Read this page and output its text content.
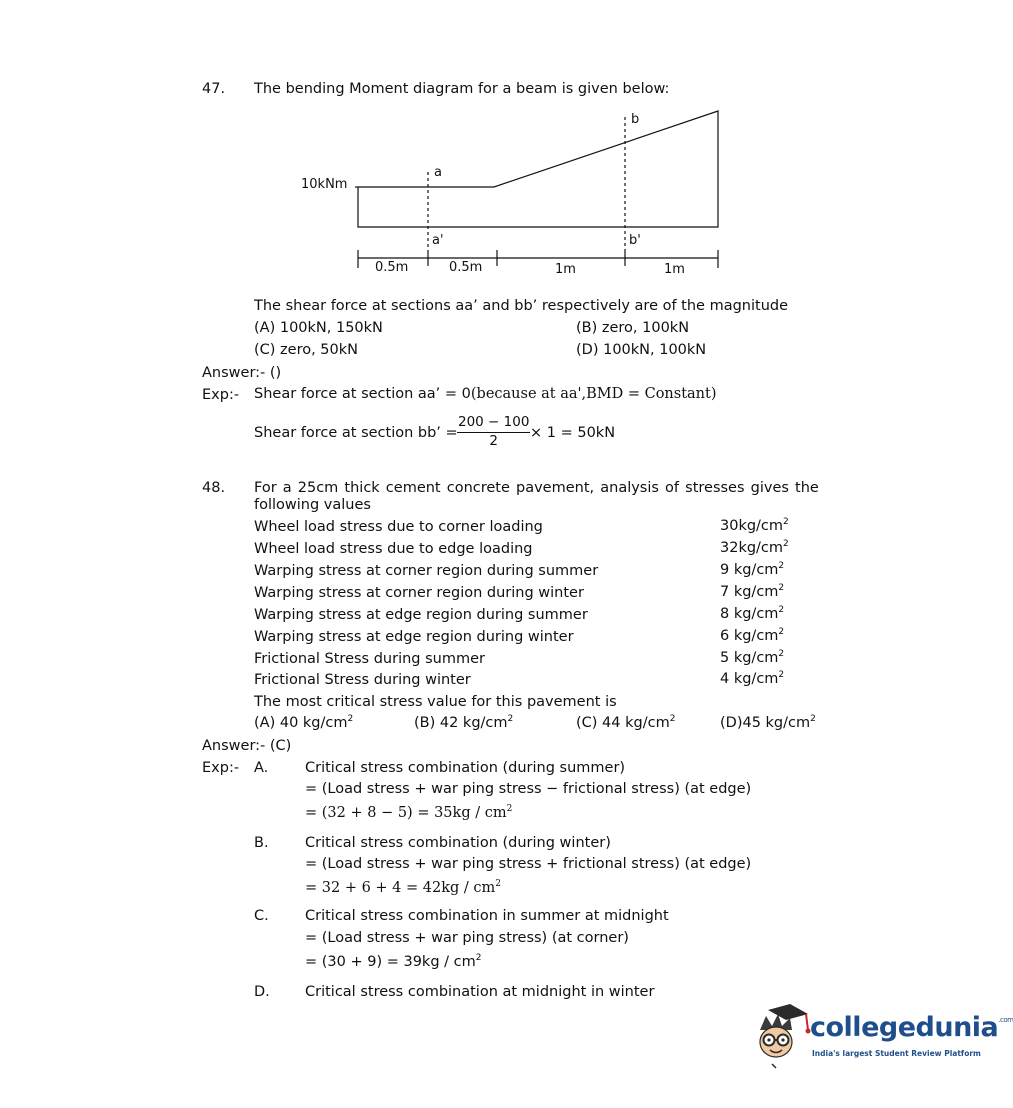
47. The bending Moment diagram for a beam is given below:
10kNm
a
a'
b
b'
0.5m	0.5m	1m	1m
The shear force at sections aa’ and bb’ respectively are of the magnitude
(A) 100kN, 150kN	(B) zero, 100kN
(C) zero, 50kN	(D) 100kN, 100kN
Answer:- ()
Exp:- Shear force at section aa’ = 0(because at aa',BMD = Constant)
Shear force at section bb’ = $\frac{200 - 100}{2} \times 1 = 50kN$
48. For a 25cm thick cement concrete pavement, analysis of stresses gives the
following values
Wheel load stress due to corner loading	$30kg/cm^2$
Wheel load stress due to edge loading	$32kg/cm^2$
Warping stress at corner region during summer	9 $kg/cm^2$
Warping stress at corner region during winter	7 $kg/cm^2$
Warping stress at edge region during summer	8 $kg/cm^2$
Warping stress at edge region during winter	6 $kg/cm^2$
Frictional Stress during summer	5 $kg/cm^2$
Frictional Stress during winter	4 $kg/cm^2$
The most critical stress value for this pavement is
(A) 40 $kg/cm^2$	(B) 42 $kg/cm^2$	(C) 44 $kg/cm^2$	(D)45 $kg/cm^2$
Answer:- (C)
Exp:- A.	Critical stress combination (during summer)
= (Load stress + war ping stress − frictional stress) (at edge)
= $(32 + 8 - 5) = 35kg / cm^2$
B.	Critical stress combination (during winter)
= (Load stress + war ping stress + frictional stress) (at edge)
= $32 + 6 + 4 = 42kg / cm^2$
C.	Critical stress combination in summer at midnight
= (Load stress + war ping stress) (at corner)
= $(30 + 9) = 39kg / cm^2$
D. Critical stress combination at midnight in winter
collegedunia$^{.com}$
India's largest Student Review Platform
